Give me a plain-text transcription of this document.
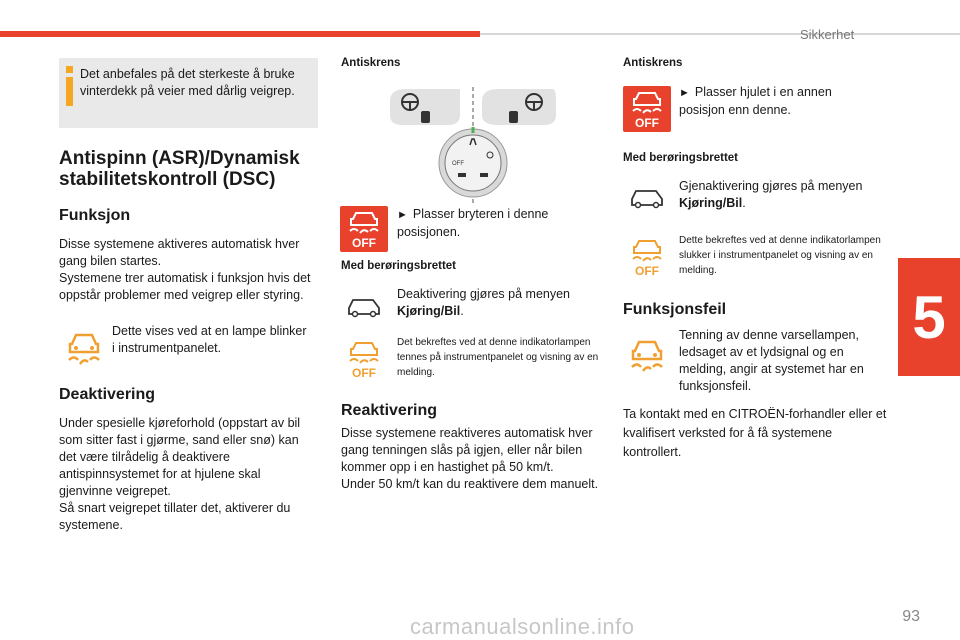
Sikkerhet
5
93
carmanualsonline.info
Det anbefales på det sterkeste å bruke vinterdekk på veier med dårlig veigrep.
Antispinn (ASR)/Dynamisk
stabilitetskontroll (DSC)
Funksjon
Disse systemene aktiveres automatisk hver gang bilen startes.
Systemene trer automatisk i funksjon hvis det oppstår problemer med veigrep eller styring.
Dette vises ved at en lampe blinker i instrumentpanelet.
Deaktivering
Under spesielle kjøreforhold (oppstart av bil som sitter fast i gjørme, sand eller snø) kan det være tilrådelig å deaktivere antispinnsystemet for at hjulene skal gjenvinne veigrepet.
Så snart veigrepet tillater det, aktiverer du systemene.
Antiskrens
OFF
OFF
► Plasser bryteren i denne posisjonen.
Med berøringsbrettet
Deaktivering gjøres på menyen Kjøring/Bil.
OFF
Det bekreftes ved at denne indikatorlampen tennes på instrumentpanelet og visning av en melding.
Reaktivering
Disse systemene reaktiveres automatisk hver gang tenningen slås på igjen, eller når bilen kommer opp i en hastighet på 50 km/t.
Under 50 km/t kan du reaktivere dem manuelt.
Antiskrens
OFF
► Plasser hjulet i en annen posisjon enn denne.
Med berøringsbrettet
Gjenaktivering gjøres på menyen Kjøring/Bil.
OFF
Dette bekreftes ved at denne indikatorlampen slukker i instrumentpanelet og visning av en melding.
Funksjonsfeil
Tenning av denne varsellampen, ledsaget av et lydsignal og en melding, angir at systemet har en funksjonsfeil.
Ta kontakt med en CITROËN-forhandler eller et kvalifisert verksted for å få systemene kontrollert.
